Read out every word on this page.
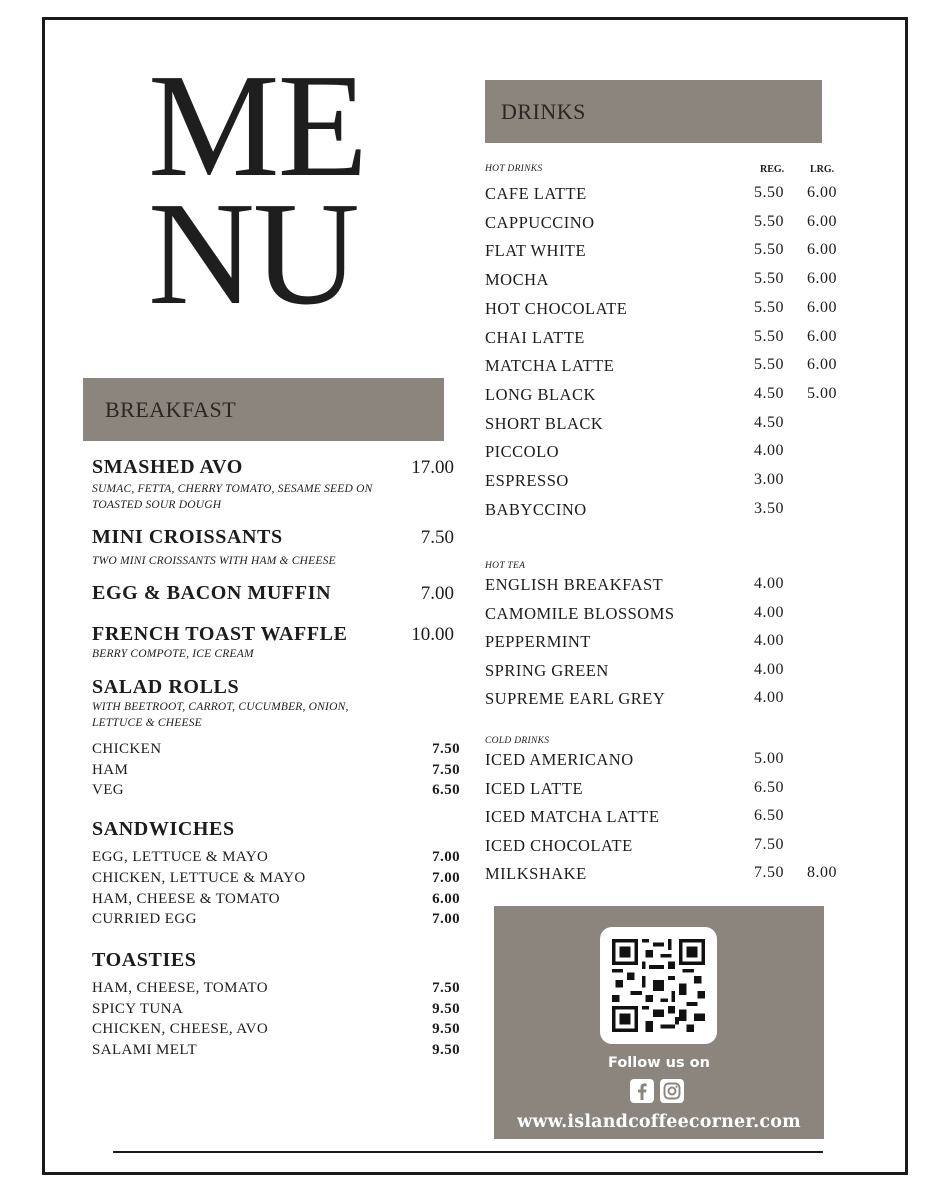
ME
NU
BREAKFAST
SMASHED AVO	17.00
SUMAC, FETTA, CHERRY TOMATO, SESAME SEED ON TOASTED SOUR DOUGH
MINI CROISSANTS	7.50
TWO MINI CROISSANTS WITH HAM & CHEESE
EGG & BACON MUFFIN	7.00
FRENCH TOAST WAFFLE	10.00
BERRY COMPOTE, ICE CREAM
SALAD ROLLS
WITH BEETROOT, CARROT, CUCUMBER, ONION, LETTUCE & CHEESE
CHICKEN	7.50
HAM	7.50
VEG	6.50
SANDWICHES
EGG, LETTUCE & MAYO	7.00
CHICKEN, LETTUCE & MAYO	7.00
HAM, CHEESE & TOMATO	6.00
CURRIED EGG	7.00
TOASTIES
HAM, CHEESE, TOMATO	7.50
SPICY TUNA	9.50
CHICKEN, CHEESE, AVO	9.50
SALAMI MELT	9.50
DRINKS
HOT DRINKS	REG.	LRG.
CAFE LATTE	5.50 6.00
CAPPUCCINO	5.50 6.00
FLAT WHITE	5.50 6.00
MOCHA	5.50 6.00
HOT CHOCOLATE	5.50 6.00
CHAI LATTE	5.50 6.00
MATCHA LATTE	5.50 6.00
LONG BLACK	4.50 5.00
SHORT BLACK	4.50
PICCOLO	4.00
ESPRESSO	3.00
BABYCCINO	3.50
HOT TEA
ENGLISH BREAKFAST	4.00
CAMOMILE BLOSSOMS	4.00
PEPPERMINT	4.00
SPRING GREEN	4.00
SUPREME EARL GREY	4.00
COLD DRINKS
ICED AMERICANO	5.00
ICED LATTE	6.50
ICED MATCHA LATTE	6.50
ICED CHOCOLATE	7.50
MILKSHAKE	7.50 8.00
Follow us on
www.islandcoffeecorner.com
